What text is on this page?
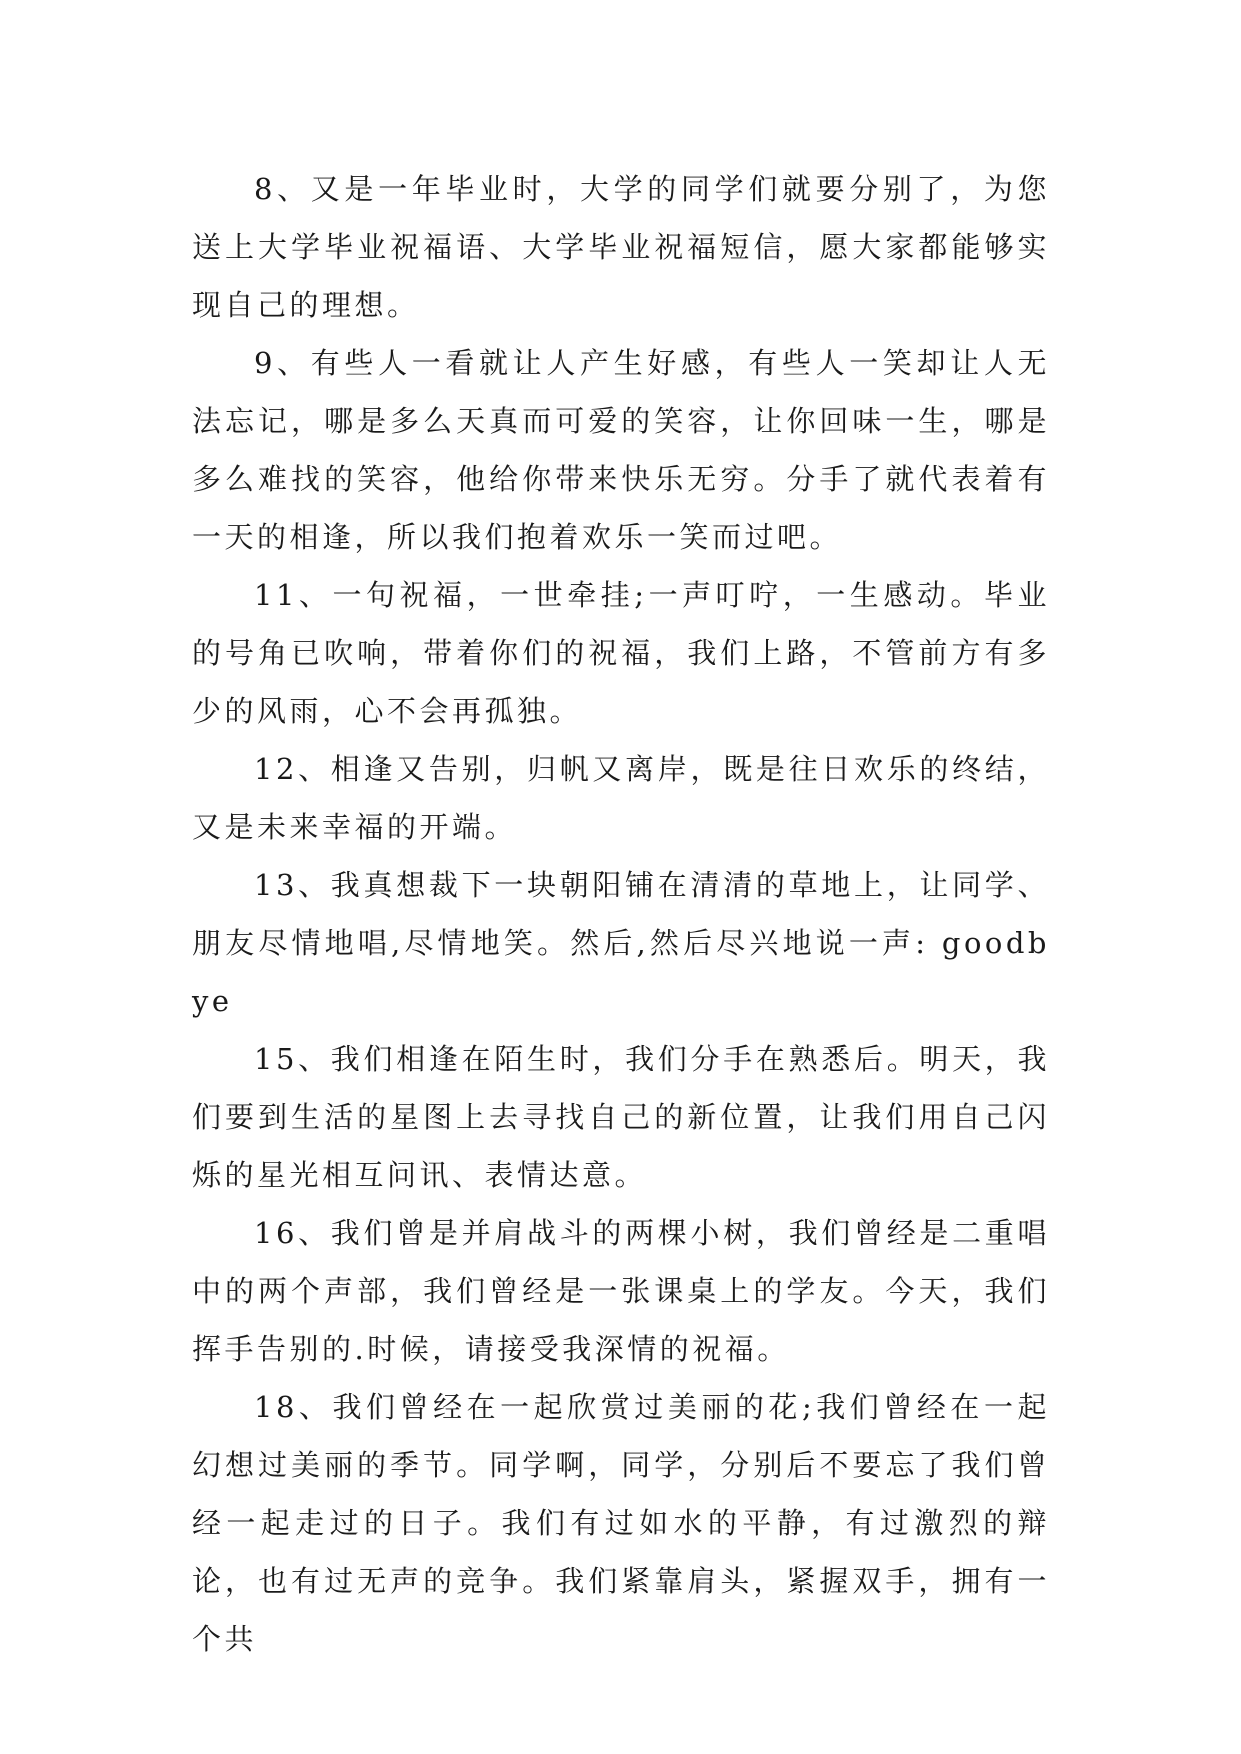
8、又是一年毕业时，大学的同学们就要分别了，为您送上大学毕业祝福语、大学毕业祝福短信，愿大家都能够实现自己的理想。

9、有些人一看就让人产生好感，有些人一笑却让人无法忘记，哪是多么天真而可爱的笑容，让你回味一生，哪是多么难找的笑容，他给你带来快乐无穷。分手了就代表着有一天的相逢，所以我们抱着欢乐一笑而过吧。

11、一句祝福，一世牵挂;一声叮咛，一生感动。毕业的号角已吹响，带着你们的祝福，我们上路，不管前方有多少的风雨，心不会再孤独。

12、相逢又告别，归帆又离岸，既是往日欢乐的终结，又是未来幸福的开端。

13、我真想裁下一块朝阳铺在清清的草地上，让同学、朋友尽情地唱,尽情地笑。然后,然后尽兴地说一声: goodbye

15、我们相逢在陌生时，我们分手在熟悉后。明天，我们要到生活的星图上去寻找自己的新位置，让我们用自己闪烁的星光相互问讯、表情达意。

16、我们曾是并肩战斗的两棵小树，我们曾经是二重唱中的两个声部，我们曾经是一张课桌上的学友。今天，我们挥手告别的.时候，请接受我深情的祝福。

18、我们曾经在一起欣赏过美丽的花;我们曾经在一起幻想过美丽的季节。同学啊，同学，分别后不要忘了我们曾经一起走过的日子。我们有过如水的平静，有过激烈的辩论，也有过无声的竞争。我们紧靠肩头，紧握双手，拥有一个共
